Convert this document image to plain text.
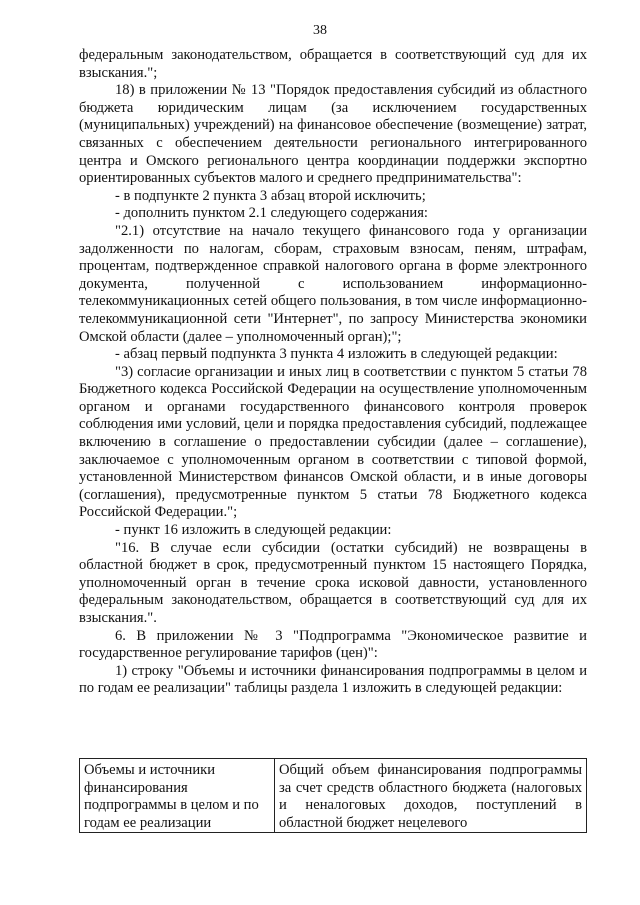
38

федеральным законодательством, обращается в соответствующий суд для их взыскания.";

18) в приложении № 13 "Порядок предоставления субсидий из областного бюджета юридическим лицам (за исключением государственных (муниципальных) учреждений) на финансовое обеспечение (возмещение) затрат, связанных с обеспечением деятельности регионального интегрированного центра и Омского регионального центра координации поддержки экспортно ориентированных субъектов малого и среднего предпринимательства":

- в подпункте 2 пункта 3 абзац второй исключить;

- дополнить пунктом 2.1 следующего содержания:

"2.1) отсутствие на начало текущего финансового года у организации задолженности по налогам, сборам, страховым взносам, пеням, штрафам, процентам, подтвержденное справкой налогового органа в форме электронного документа, полученной с использованием информационно-телекоммуникационных сетей общего пользования, в том числе информационно-телекоммуникационной сети "Интернет", по запросу Министерства экономики Омской области (далее – уполномоченный орган);";

- абзац первый подпункта 3 пункта 4 изложить в следующей редакции:

"3) согласие организации и иных лиц в соответствии с пунктом 5 статьи 78 Бюджетного кодекса Российской Федерации на осуществление уполномоченным органом и органами государственного финансового контроля проверок соблюдения ими условий, цели и порядка предоставления субсидий, подлежащее включению в соглашение о предоставлении субсидии (далее – соглашение), заключаемое с уполномоченным органом в соответствии с типовой формой, установленной Министерством финансов Омской области, и в иные договоры (соглашения), предусмотренные пунктом 5 статьи 78 Бюджетного кодекса Российской Федерации.";

- пункт 16 изложить в следующей редакции:

"16. В случае если субсидии (остатки субсидий) не возвращены в областной бюджет в срок, предусмотренный пунктом 15 настоящего Порядка, уполномоченный орган в течение срока исковой давности, установленного федеральным законодательством, обращается в соответствующий суд для их взыскания.".

6. В приложении № 3 "Подпрограмма "Экономическое развитие и государственное регулирование тарифов (цен)":

1) строку "Объемы и источники финансирования подпрограммы в целом и по годам ее реализации" таблицы раздела 1 изложить в следующей редакции:

Объемы и источники финансирования подпрограммы в целом и по годам ее реализации	Общий объем финансирования подпрограммы за счет средств областного бюджета (налоговых и неналоговых доходов, поступлений в областной бюджет нецелевого
